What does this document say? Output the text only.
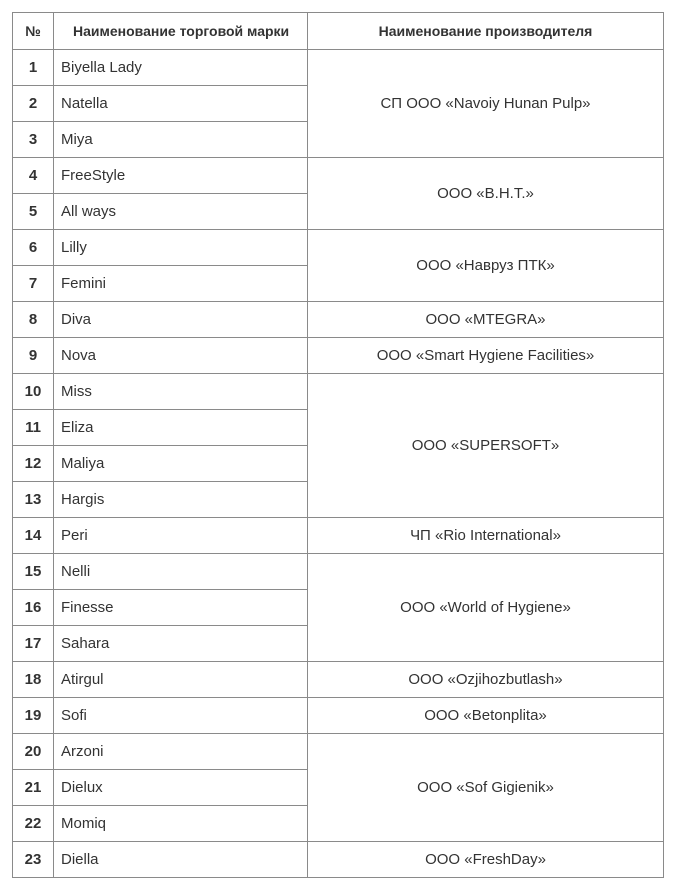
№	Наименование торговой марки	Наименование производителя
1	Biyella Lady	СП ООО «Navoiy Hunan Pulp»
2	Natella	
3	Miya	
4	FreeStyle	ООО «B.H.T.»
5	All ways	
6	Lilly	ООО «Навруз ПТК»
7	Femini	
8	Diva	ООО «MTEGRA»
9	Nova	ООО «Smart Hygiene Facilities»
10	Miss	ООО «SUPERSOFT»
11	Eliza	
12	Maliya	
13	Hargis	
14	Peri	ЧП «Rio International»
15	Nelli	ООО «World of Hygiene»
16	Finesse	
17	Sahara	
18	Atirgul	ООО «Ozjihozbutlash»
19	Sofi	ООО «Betonplita»
20	Arzoni	ООО «Sof Gigienik»
21	Dielux	
22	Momiq	
23	Diella	ООО «FreshDay»
